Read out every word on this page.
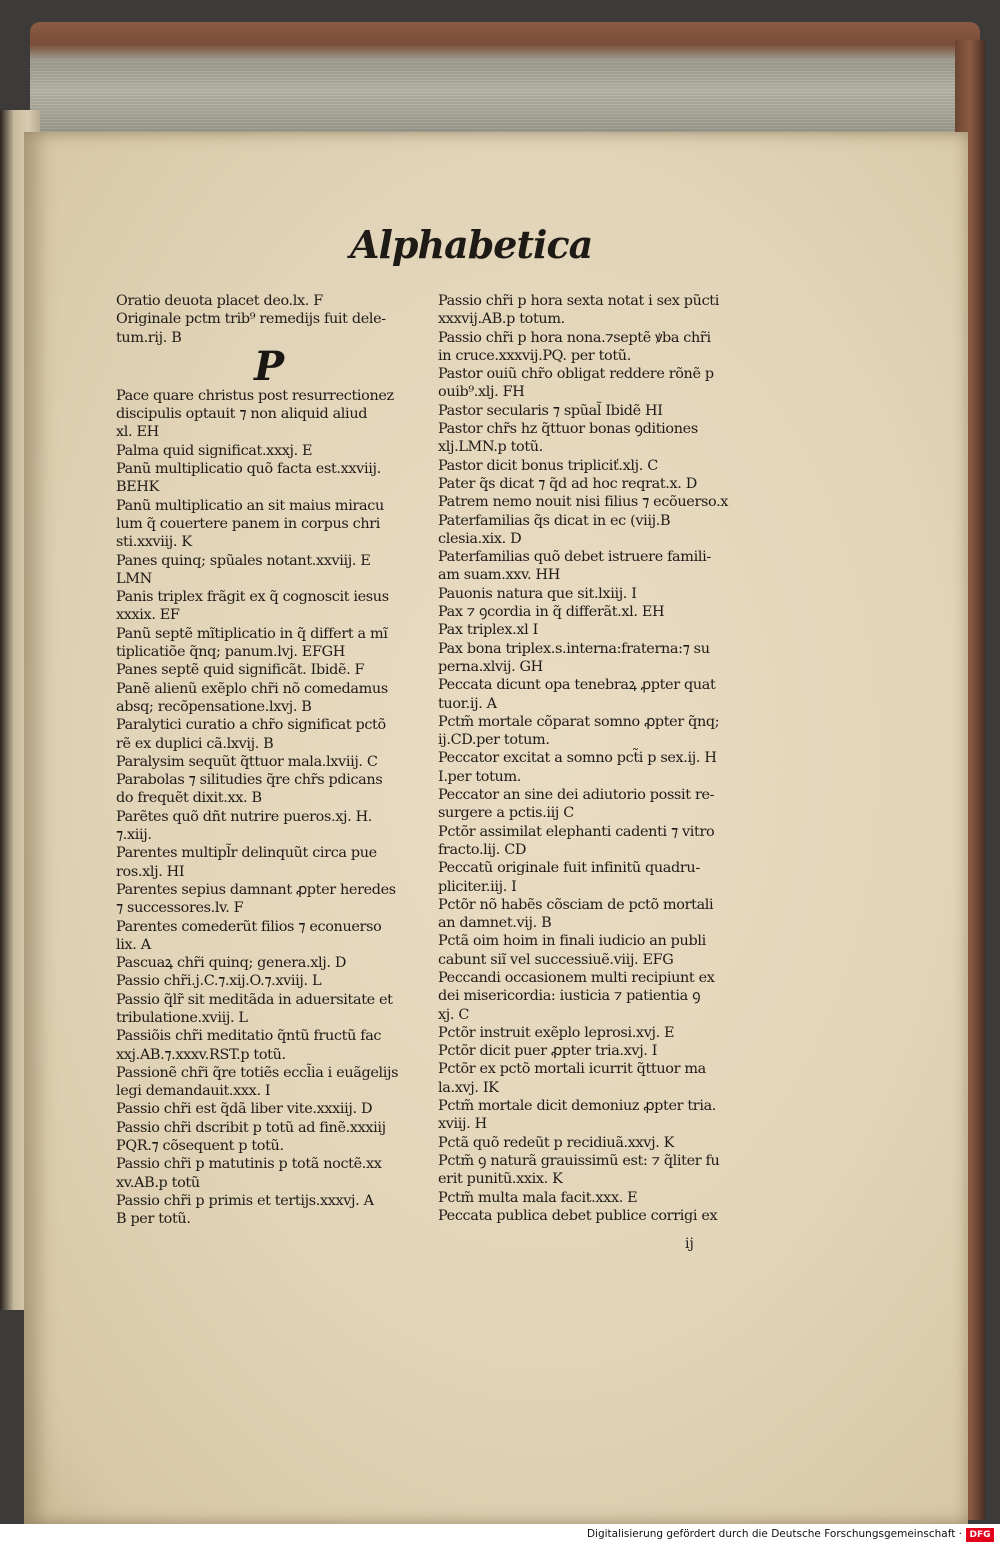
Alphabetica
Oratio deuota placet deo.lx. F
Originale pctm trib⁹ remedijs fuit dele-
tum.rij. B
P
Pace quare christus post resurrectionez
discipulis optauit ⁊ non aliquid aliud
xl. EH
Palma quid significat.xxxj. E
Panũ multiplicatio quõ facta est.xxviij.
BEHK
Panũ multiplicatio an sit maius miracu
lum q̃ couertere panem in corpus chri
sti.xxviij. K
Panes quinq; spũales notant.xxviij. E
LMN
Panis triplex frãgit ex q̃ cognoscit iesus
xxxix. EF
Panũ septẽ mĩtiplicatio in q̃ differt a mĩ
tiplicatiõe q̃nq; panum.lvj. EFGH
Panes septẽ quid significãt. Ibidẽ. F
Panẽ alienũ exẽplo chr̃i nõ comedamus
absq; recõpensatione.lxvj. B
Paralytici curatio a chr̃o significat pctõ
rẽ ex duplici cã.lxvij. B
Paralysim sequũt q̃ttuor mala.lxviij. C
Parabolas ⁊ silitudies q̃re chr̃s pdicans
do frequẽt dixit.xx. B
Parẽtes quõ dñt nutrire pueros.xj. H.
⁊.xiij.
Parentes multipl̃r delinquũt circa pue
ros.xlj. HI
Parentes sepius damnant ꝓpter heredes
⁊ successores.lv. F
Parentes comederũt filios ⁊ econuerso
lix. A
Pascuaꝝ chr̃i quinq; genera.xlj. D
Passio chr̃i.j.C.⁊.xij.O.⁊.xviij. L
Passio q̃lr̃ sit meditãda in aduersitate et
tribulatione.xviij. L
Passiõis chr̃i meditatio q̃ntũ fructũ fac
xxj.AB.⁊.xxxv.RST.p totũ.
Passionẽ chr̃i q̃re totiẽs eccl̃ia i euãgelijs
legi demandauit.xxx. I
Passio chr̃i est q̃dã liber vite.xxxiij. D
Passio chr̃i dscribit p totũ ad finẽ.xxxiij
PQR.⁊ cõsequent p totũ.
Passio chr̃i p matutinis p totã noctẽ.xx
xv.AB.p totũ
Passio chr̃i p primis et tertijs.xxxvj. A
B per totũ.
Passio chr̃i p hora sexta notat i sex pũcti
xxxvij.AB.p totum.
Passio chr̃i p hora nona.⁊septẽ ꝟba chr̃i
in cruce.xxxvij.PQ. per totũ.
Pastor ouiũ chr̃o obligat reddere rõnẽ p
ouib⁹.xlj. FH
Pastor secularis ⁊ spũal̃ Ibidẽ HI
Pastor chr̃s hz q̃ttuor bonas ꝯditiones
xlj.LMN.p totũ.
Pastor dicit bonus tripliciť.xlj. C
Pater q̃s dicat ⁊ q̃d ad hoc reqrat.x. D
Patrem nemo nouit nisi filius ⁊ ecõuerso.x
Paterfamilias q̃s dicat in ec (viij.B
clesia.xix. D
Paterfamilias quõ debet istruere famili-
am suam.xxv. HH
Pauonis natura que sit.lxiij. I
Pax ⁊ ꝯcordia in q̃ differãt.xl. EH
Pax triplex.xl I
Pax bona triplex.s.interna:fraterna:⁊ su
perna.xlvij. GH
Peccata dicunt opa tenebraꝝ ꝓpter quat
tuor.ij. A
Pctm̃ mortale cõparat somno ꝓpter q̃nq;
ij.CD.per totum.
Peccator excitat a somno pct̃i p sex.ij. H
I.per totum.
Peccator an sine dei adiutorio possit re-
surgere a pctis.iij C
Pctõr assimilat elephanti cadenti ⁊ vitro
fracto.lij. CD
Peccatũ originale fuit infinitũ quadru-
pliciter.iij. I
Pctõr nõ habẽs cõsciam de pctõ mortali
an damnet.vij. B
Pctã oim hoim in finali iudicio an publi
cabunt siĩ vel successiuẽ.viij. EFG
Peccandi occasionem multi recipiunt ex
dei misericordia: iusticia ⁊ patientia ꝯ
xj. C
Pctõr instruit exẽplo leprosi.xvj. E
Pctõr dicit puer ꝓpter tria.xvj. I
Pctõr ex pctõ mortali icurrit q̃ttuor ma
la.xvj. IK
Pctm̃ mortale dicit demoniuz ꝓpter tria.
xviij. H
Pctã quõ redeũt p recidiuã.xxvj. K
Pctm̃ ꝯ naturã grauissimũ est: ⁊ q̃liter fu
erit punitũ.xxix. K
Pctm̃ multa mala facit.xxx. E
Peccata publica debet publice corrigi ex
ij
Digitalisierung gefördert durch die Deutsche Forschungsgemeinschaft · DFG
